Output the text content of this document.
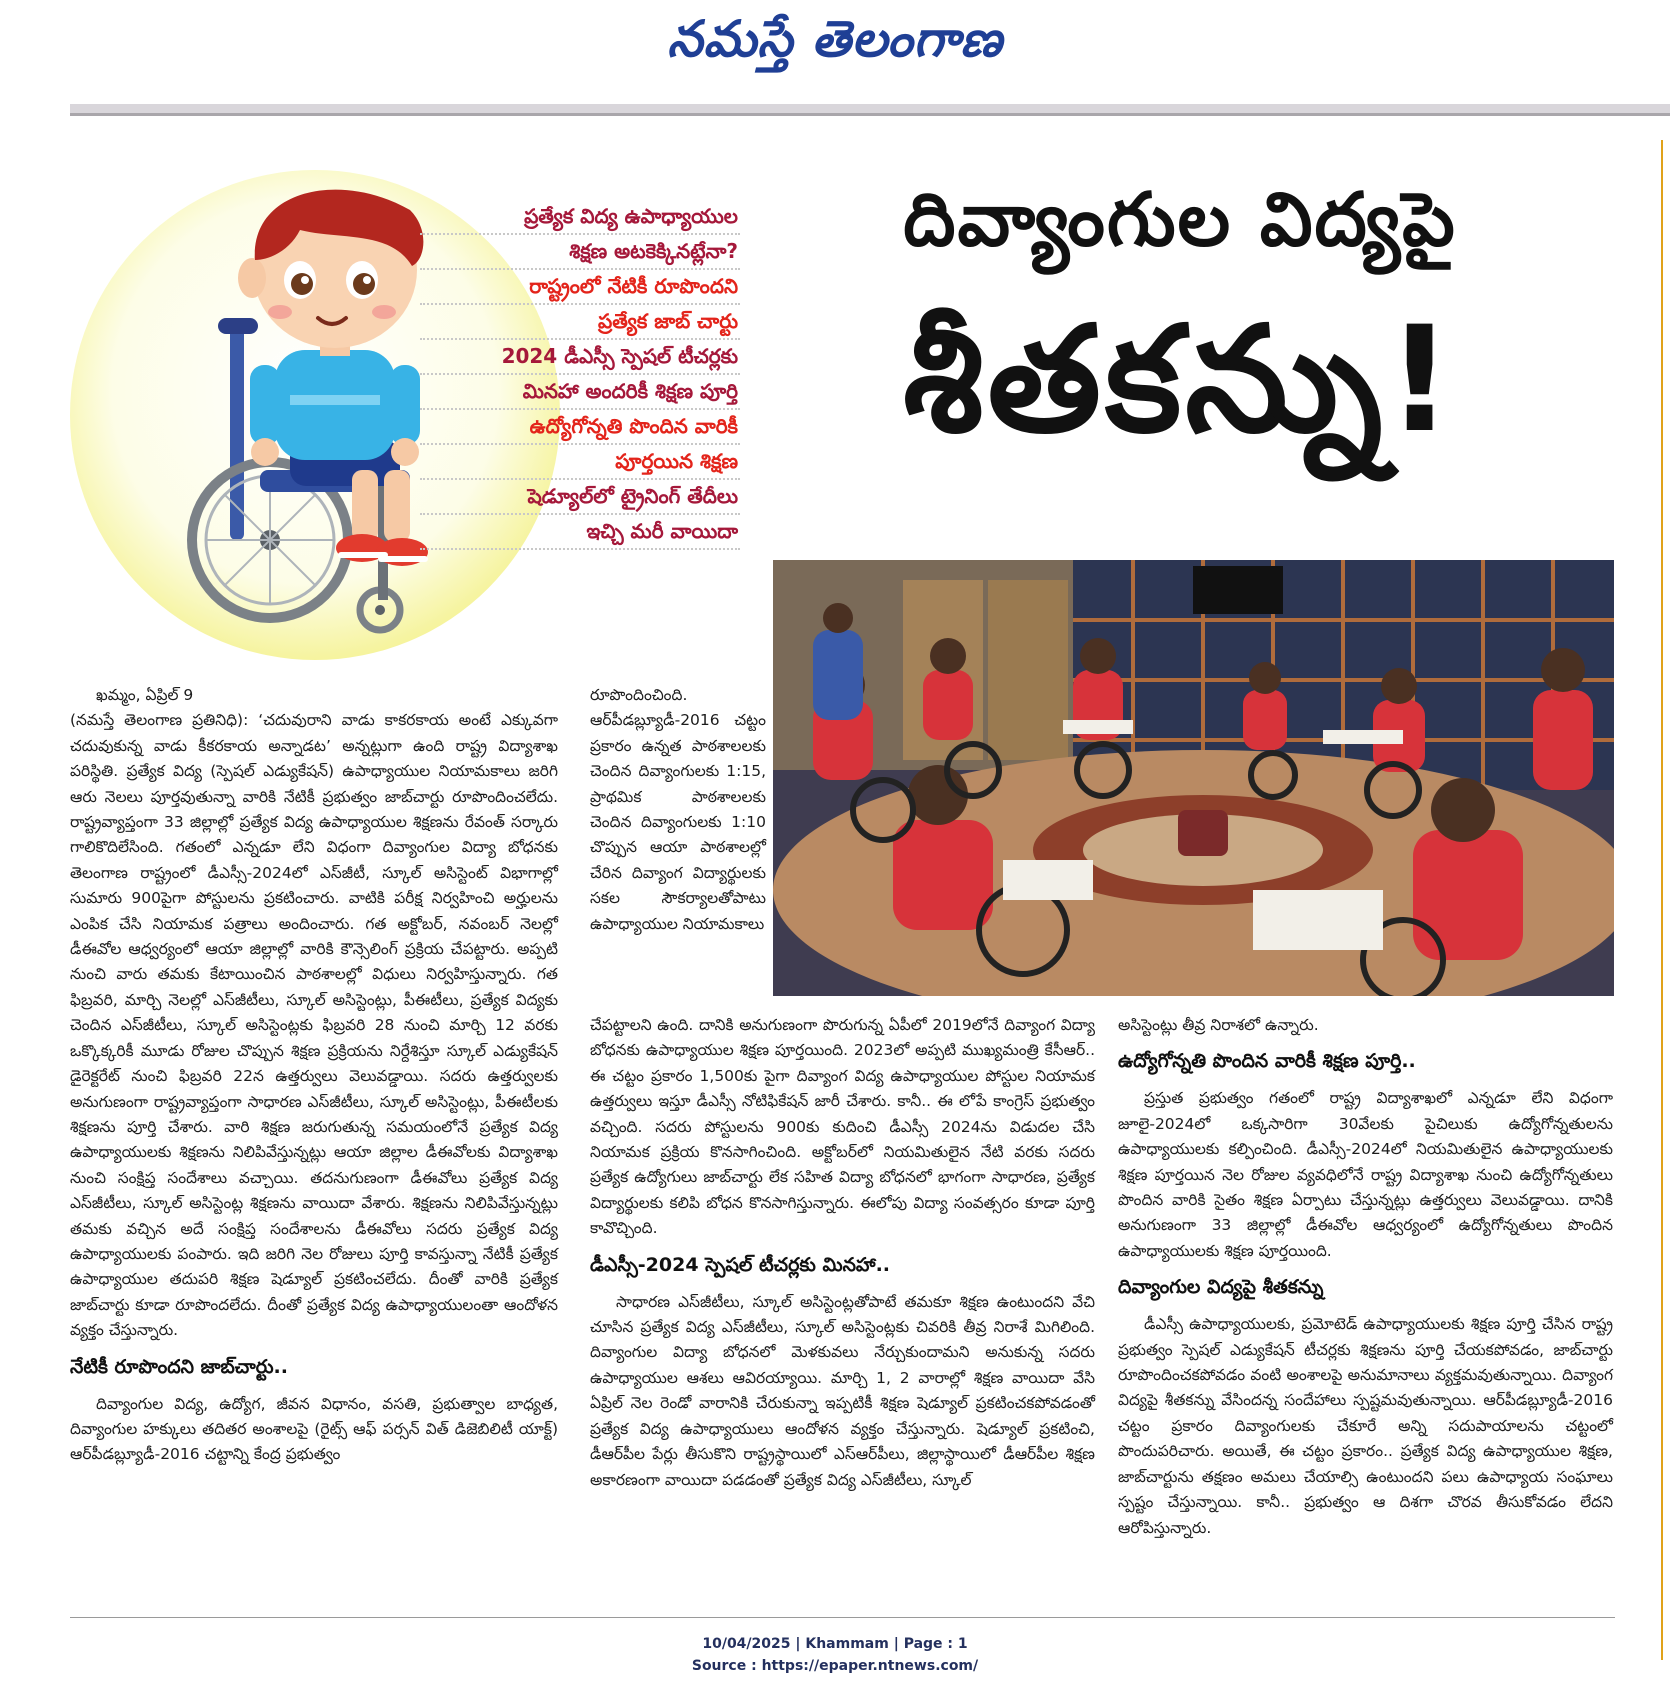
నమస్తే తెలంగాణ
ప్రత్యేక విద్య ఉపాధ్యాయుల
శిక్షణ అటకెక్కినట్లేనా?
రాష్ట్రంలో నేటికీ రూపొందని
ప్రత్యేక జాబ్ చార్టు
2024 డీఎస్సీ స్పెషల్ టీచర్లకు
మినహా అందరికీ శిక్షణ పూర్తి
ఉద్యోగోన్నతి పొందిన వారికీ
పూర్తయిన శిక్షణ
షెడ్యూల్‌లో ట్రైనింగ్ తేదీలు
ఇచ్చి మరీ వాయిదా
దివ్యాంగుల విద్యపై
శీతకన్ను!

ఖమ్మం, ఏప్రిల్ 9

(నమస్తే తెలంగాణ ప్రతినిధి): ‘చదువురాని వాడు కాకరకాయ అంటే ఎక్కువగా చదువుకున్న వాడు కీకరకాయ అన్నాడట’ అన్నట్లుగా ఉంది రాష్ట్ర విద్యాశాఖ పరిస్థితి. ప్రత్యేక విద్య (స్పెషల్ ఎడ్యుకేషన్) ఉపాధ్యాయుల నియామకాలు జరిగి ఆరు నెలలు పూర్తవుతున్నా వారికి నేటికీ ప్రభుత్వం జాబ్‌చార్టు రూపొందించలేదు. రాష్ట్రవ్యాప్తంగా 33 జిల్లాల్లో ప్రత్యేక విద్య ఉపాధ్యాయుల శిక్షణను రేవంత్ సర్కారు గాలికొదిలేసింది. గతంలో ఎన్నడూ లేని విధంగా దివ్యాంగుల విద్యా బోధనకు తెలంగాణ రాష్ట్రంలో డీఎస్సీ-2024లో ఎస్‌జీటీ, స్కూల్ అసిస్టెంట్ విభాగాల్లో సుమారు 900పైగా పోస్టులను ప్రకటించారు. వాటికి పరీక్ష నిర్వహించి అర్హులను ఎంపిక చేసి నియామక పత్రాలు అందించారు. గత అక్టోబర్, నవంబర్ నెలల్లో డీఈవోల ఆధ్వర్యంలో ఆయా జిల్లాల్లో వారికి కౌన్సెలింగ్ ప్రక్రియ చేపట్టారు. అప్పటి నుంచి వారు తమకు కేటాయించిన పాఠశాలల్లో విధులు నిర్వహిస్తున్నారు. గత ఫిబ్రవరి, మార్చి నెలల్లో ఎస్‌జీటీలు, స్కూల్ అసిస్టెంట్లు, పీఈటీలు, ప్రత్యేక విద్యకు చెందిన ఎస్‌జీటీలు, స్కూల్ అసిస్టెంట్లకు ఫిబ్రవరి 28 నుంచి మార్చి 12 వరకు ఒక్కొక్కరికీ మూడు రోజుల చొప్పున శిక్షణ ప్రక్రియను నిర్దేశిస్తూ స్కూల్ ఎడ్యుకేషన్ డైరెక్టరేట్ నుంచి ఫిబ్రవరి 22న ఉత్తర్వులు వెలువడ్డాయి. సదరు ఉత్తర్వులకు అనుగుణంగా రాష్ట్రవ్యాప్తంగా సాధారణ ఎస్‌జీటీలు, స్కూల్ అసిస్టెంట్లు, పీఈటీలకు శిక్షణను పూర్తి చేశారు. వారి శిక్షణ జరుగుతున్న సమయంలోనే ప్రత్యేక విద్య ఉపాధ్యాయులకు శిక్షణను నిలిపివేస్తున్నట్లు ఆయా జిల్లాల డీఈవోలకు విద్యాశాఖ నుంచి సంక్షిప్త సందేశాలు వచ్చాయి. తదనుగుణంగా డీఈవోలు ప్రత్యేక విద్య ఎస్‌జీటీలు, స్కూల్ అసిస్టెంట్ల శిక్షణను వాయిదా వేశారు. శిక్షణను నిలిపివేస్తున్నట్లు తమకు వచ్చిన అదే సంక్షిప్త సందేశాలను డీఈవోలు సదరు ప్రత్యేక విద్య ఉపాధ్యాయులకు పంపారు. ఇది జరిగి నెల రోజులు పూర్తి కావస్తున్నా నేటికీ ప్రత్యేక ఉపాధ్యాయుల తదుపరి శిక్షణ షెడ్యూల్ ప్రకటించలేదు. దీంతో వారికి ప్రత్యేక జాబ్‌చార్టు కూడా రూపొందలేదు. దీంతో ప్రత్యేక విద్య ఉపాధ్యాయులంతా ఆందోళన వ్యక్తం చేస్తున్నారు.

నేటికీ రూపొందని జాబ్‌చార్టు..

దివ్యాంగుల విద్య, ఉద్యోగ, జీవన విధానం, వసతి, ప్రభుత్వాల బాధ్యత, దివ్యాంగుల హక్కులు తదితర అంశాలపై (రైట్స్ ఆఫ్ పర్సన్ విత్ డిజెబిలిటీ యాక్ట్) ఆర్‌పీడబ్ల్యూడీ-2016 చట్టాన్ని కేంద్ర ప్రభుత్వం

రూపొందించింది. ఆర్‌పీడబ్ల్యూడీ-2016 చట్టం ప్రకారం ఉన్నత పాఠశాలలకు చెందిన దివ్యాంగులకు 1:15, ప్రాథమిక పాఠశాలలకు చెందిన దివ్యాంగులకు 1:10 చొప్పున ఆయా పాఠశాలల్లో చేరిన దివ్యాంగ విద్యార్థులకు సకల సౌకర్యాలతోపాటు ఉపాధ్యాయుల నియామకాలు

చేపట్టాలని ఉంది. దానికి అనుగుణంగా పొరుగున్న ఏపీలో 2019లోనే దివ్యాంగ విద్యా బోధనకు ఉపాధ్యాయుల శిక్షణ పూర్తయింది. 2023లో అప్పటి ముఖ్యమంత్రి కేసీఆర్.. ఈ చట్టం ప్రకారం 1,500కు పైగా దివ్యాంగ విద్య ఉపాధ్యాయుల పోస్టుల నియామక ఉత్తర్వులు ఇస్తూ డీఎస్సీ నోటిఫికేషన్ జారీ చేశారు. కానీ.. ఈ లోపే కాంగ్రెస్ ప్రభుత్వం వచ్చింది. సదరు పోస్టులను 900కు కుదించి డీఎస్సీ 2024ను విడుదల చేసి నియామక ప్రక్రియ కొనసాగించింది. అక్టోబర్‌లో నియమితులైన నేటి వరకు సదరు ప్రత్యేక ఉద్యోగులు జాబ్‌చార్టు లేక సహిత విద్యా బోధనలో భాగంగా సాధారణ, ప్రత్యేక విద్యార్థులకు కలిపి బోధన కొనసాగిస్తున్నారు. ఈలోపు విద్యా సంవత్సరం కూడా పూర్తి కావొచ్చింది.

డీఎస్సీ-2024 స్పెషల్ టీచర్లకు మినహా..

సాధారణ ఎస్‌జీటీలు, స్కూల్ అసిస్టెంట్లతోపాటే తమకూ శిక్షణ ఉంటుందని వేచి చూసిన ప్రత్యేక విద్య ఎస్‌జీటీలు, స్కూల్ అసిస్టెంట్లకు చివరికి తీవ్ర నిరాశే మిగిలింది. దివ్యాంగుల విద్యా బోధనలో మెళకువలు నేర్చుకుందామని అనుకున్న సదరు ఉపాధ్యాయుల ఆశలు ఆవిరయ్యాయి. మార్చి 1, 2 వారాల్లో శిక్షణ వాయిదా వేసి ఏప్రిల్ నెల రెండో వారానికి చేరుకున్నా ఇప్పటికీ శిక్షణ షెడ్యూల్ ప్రకటించకపోవడంతో ప్రత్యేక విద్య ఉపాధ్యాయులు ఆందోళన వ్యక్తం చేస్తున్నారు. షెడ్యూల్ ప్రకటించి, డీఆర్‌పీల పేర్లు తీసుకొని రాష్ట్రస్థాయిలో ఎస్‌ఆర్‌పీలు, జిల్లాస్థాయిలో డీఆర్‌పీల శిక్షణ అకారణంగా వాయిదా పడడంతో ప్రత్యేక విద్య ఎస్‌జీటీలు, స్కూల్

అసిస్టెంట్లు తీవ్ర నిరాశలో ఉన్నారు.

ఉద్యోగోన్నతి పొందిన వారికీ శిక్షణ పూర్తి..

ప్రస్తుత ప్రభుత్వం గతంలో రాష్ట్ర విద్యాశాఖలో ఎన్నడూ లేని విధంగా జూలై-2024లో ఒక్కసారిగా 30వేలకు పైచిలుకు ఉద్యోగోన్నతులను ఉపాధ్యాయులకు కల్పించింది. డీఎస్సీ-2024లో నియమితులైన ఉపాధ్యాయులకు శిక్షణ పూర్తయిన నెల రోజుల వ్యవధిలోనే రాష్ట్ర విద్యాశాఖ నుంచి ఉద్యోగోన్నతులు పొందిన వారికి సైతం శిక్షణ ఏర్పాటు చేస్తున్నట్లు ఉత్తర్వులు వెలువడ్డాయి. దానికి అనుగుణంగా 33 జిల్లాల్లో డీఈవోల ఆధ్వర్యంలో ఉద్యోగోన్నతులు పొందిన ఉపాధ్యాయులకు శిక్షణ పూర్తయింది.

దివ్యాంగుల విద్యపై శీతకన్ను

డీఎస్సీ ఉపాధ్యాయులకు, ప్రమోటెడ్ ఉపాధ్యాయులకు శిక్షణ పూర్తి చేసిన రాష్ట్ర ప్రభుత్వం స్పెషల్ ఎడ్యుకేషన్ టీచర్లకు శిక్షణను పూర్తి చేయకపోవడం, జాబ్‌చార్టు రూపొందించకపోవడం వంటి అంశాలపై అనుమానాలు వ్యక్తమవుతున్నాయి. దివ్యాంగ విద్యపై శీతకన్ను వేసిందన్న సందేహాలు స్పష్టమవుతున్నాయి. ఆర్‌పీడబ్ల్యూడీ-2016 చట్టం ప్రకారం దివ్యాంగులకు చేకూరే అన్ని సదుపాయాలను చట్టంలో పొందుపరిచారు. అయితే, ఈ చట్టం ప్రకారం.. ప్రత్యేక విద్య ఉపాధ్యాయుల శిక్షణ, జాబ్‌చార్టును తక్షణం అమలు చేయాల్సి ఉంటుందని పలు ఉపాధ్యాయ సంఘాలు స్పష్టం చేస్తున్నాయి. కానీ.. ప్రభుత్వం ఆ దిశగా చొరవ తీసుకోవడం లేదని ఆరోపిస్తున్నారు.

10/04/2025 | Khammam | Page : 1
Source : https://epaper.ntnews.com/
